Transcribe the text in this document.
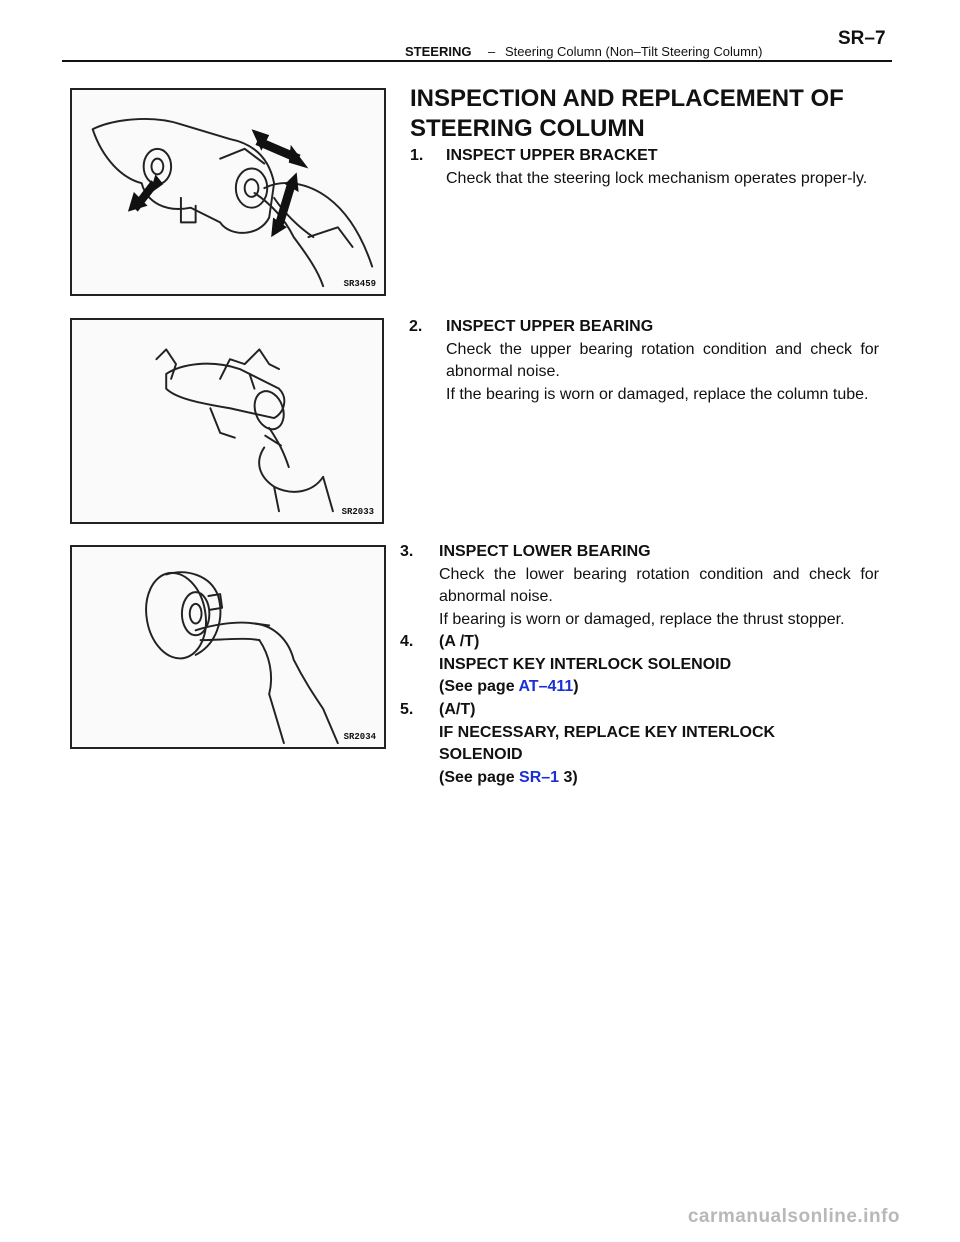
STEERING – Steering Column (Non–Tilt Steering Column)
SR–7
SR3459
SR2033
SR2034
INSPECTION AND REPLACEMENT OF
STEERING COLUMN
1. INSPECT UPPER BRACKET
Check that the steering lock mechanism operates proper-ly.
2. INSPECT UPPER BEARING
Check the upper bearing rotation condition and check for abnormal noise.
If the bearing is worn or damaged, replace the column tube.
3. INSPECT LOWER BEARING
Check the lower bearing rotation condition and check for abnormal noise.
If bearing is worn or damaged, replace the thrust stopper.
4. (A /T)
INSPECT KEY INTERLOCK SOLENOID
(See page AT–411)
5. (A/T)
IF NECESSARY, REPLACE KEY INTERLOCK
SOLENOID
(See page SR–1 3)
carmanualsonline.info
